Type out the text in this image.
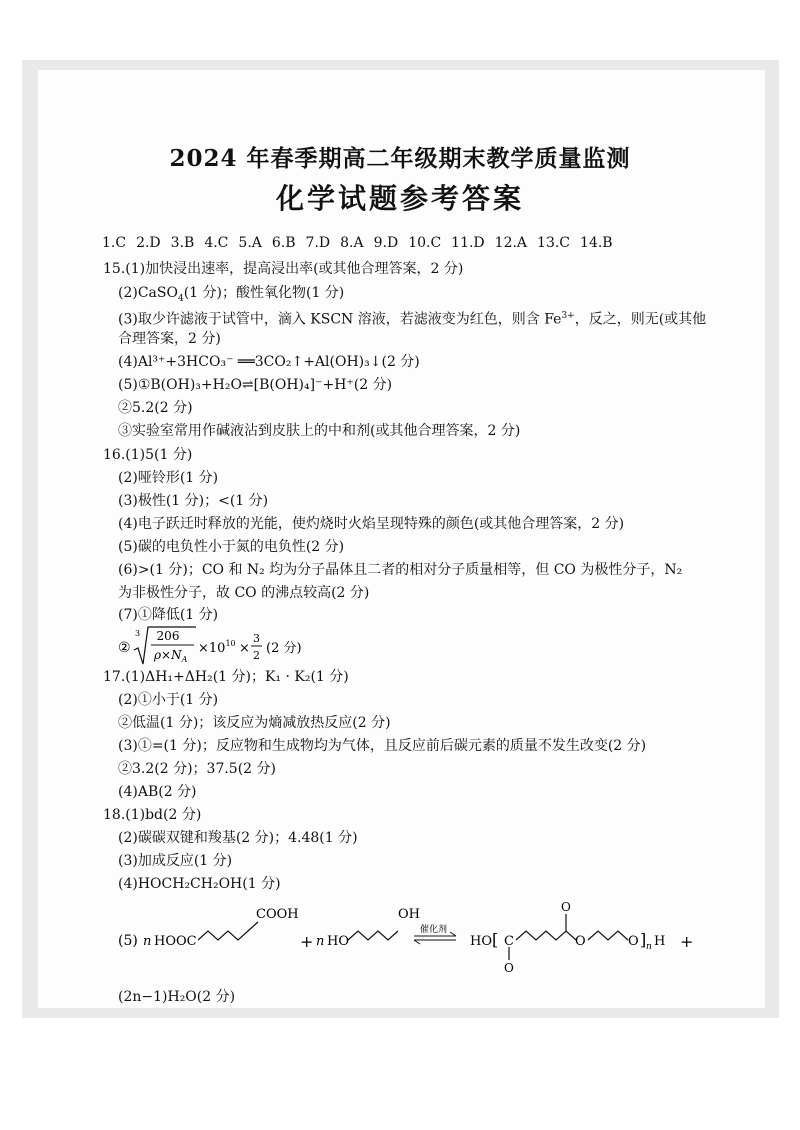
2024 年春季期高二年级期末教学质量监测
化学试题参考答案
1.C 2.D 3.B 4.C 5.A 6.B 7.D 8.A 9.D 10.C 11.D 12.A 13.C 14.B
15.(1)加快浸出速率，提高浸出率(或其他合理答案，2 分)
(2)CaSO$_4$(1 分)；酸性氧化物(1 分)
(3)取少许滤液于试管中，滴入 KSCN 溶液，若滤液变为红色，则含 $Fe^{3+}$，反之，则无(或其他
合理答案，2 分)
(4)Al³⁺+3HCO₃⁻ ══3CO₂↑+Al(OH)₃↓(2 分)
(5)①B(OH)₃+H₂O⇌[B(OH)₄]⁻+H⁺(2 分)
②5.2(2 分)
③实验室常用作碱液沾到皮肤上的中和剂(或其他合理答案，2 分)
16.(1)5(1 分)
(2)哑铃形(1 分)
(3)极性(1 分)；<(1 分)
(4)电子跃迁时释放的光能，使灼烧时火焰呈现特殊的颜色(或其他合理答案，2 分)
(5)碳的电负性小于氮的电负性(2 分)
(6)>(1 分)；CO 和 N₂ 均为分子晶体且二者的相对分子质量相等，但 CO 为极性分子，N₂
为非极性分子，故 CO 的沸点较高(2 分)
(7)①降低(1 分)
②
3 206
$\rho\times N_A$
$\times 10^{10}$ ×
3
2 (2 分)
17.(1)ΔH₁+ΔH₂(1 分)；K₁ · K₂(1 分)
(2)①小于(1 分)
②低温(1 分)；该反应为熵减放热反应(2 分)
(3)①=(1 分)；反应物和生成物均为气体，且反应前后碳元素的质量不发生改变(2 分)
②3.2(2 分)；37.5(2 分)
(4)AB(2 分)
18.(1)bd(2 分)
(2)碳碳双键和羧基(2 分)；4.48(1 分)
(3)加成反应(1 分)
(4)HOCH₂CH₂OH(1 分)
(5) n HOOC
COOH
+ n HO
OH
催化剂
HO [ C
O
O
O	O ] n H +
(2n−1)H₂O(2 分)
